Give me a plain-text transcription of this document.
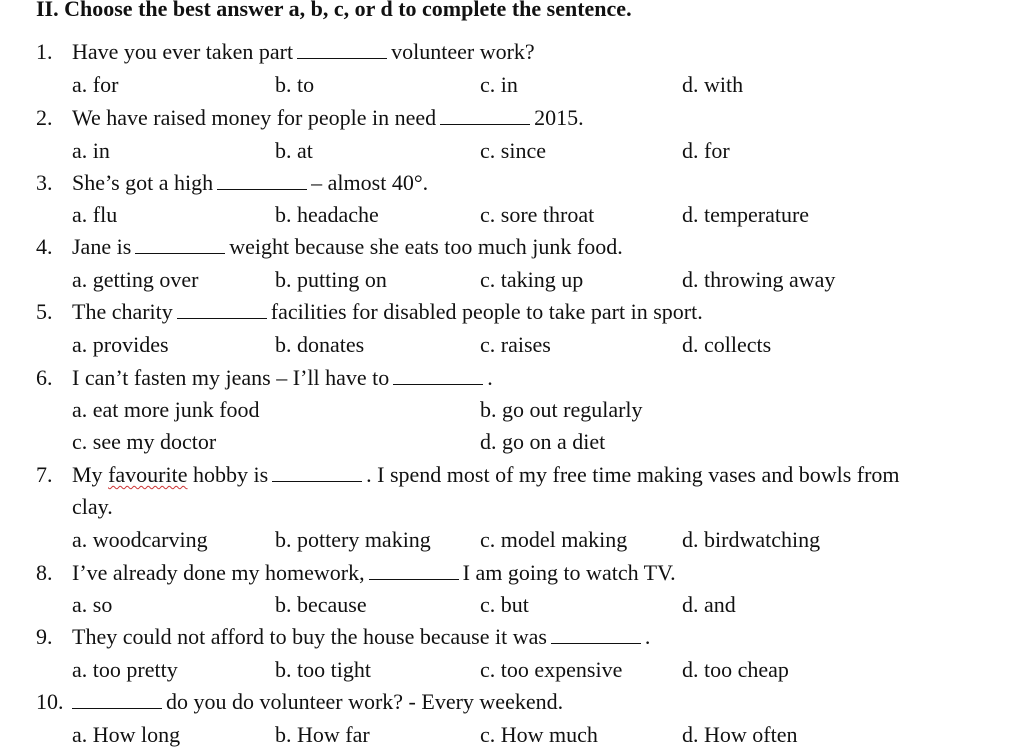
II. Choose the best answer a, b, c, or d to complete the sentence.
1. Have you ever taken part	volunteer work?
a. for	b. to	c. in	d. with
2. We have raised money for people in need	2015.
a. in	b. at	c. since	d. for
3. She’s got a high	– almost 40°.
a. flu	b. headache	c. sore throat	d. temperature
4. Jane is	weight because she eats too much junk food.
a. getting over	b. putting on	c. taking up	d. throwing away
5. The charity	facilities for disabled people to take part in sport.
a. provides	b. donates	c. raises	d. collects
6. I can’t fasten my jeans – I’ll have to	.
a. eat more junk food	b. go out regularly
c. see my doctor	d. go on a diet
7. My favourite hobby is	. I spend most of my free time making vases and bowls from
clay.
a. woodcarving	b. pottery making c. model making d. birdwatching
8. I’ve already done my homework,	I am going to watch TV.
a. so	b. because	c. but	d. and
9. They could not afford to buy the house because it was	.
a. too pretty	b. too tight	c. too expensive	d. too cheap
10.	do you do volunteer work? - Every weekend.
a. How long	b. How far	c. How much	d. How often
